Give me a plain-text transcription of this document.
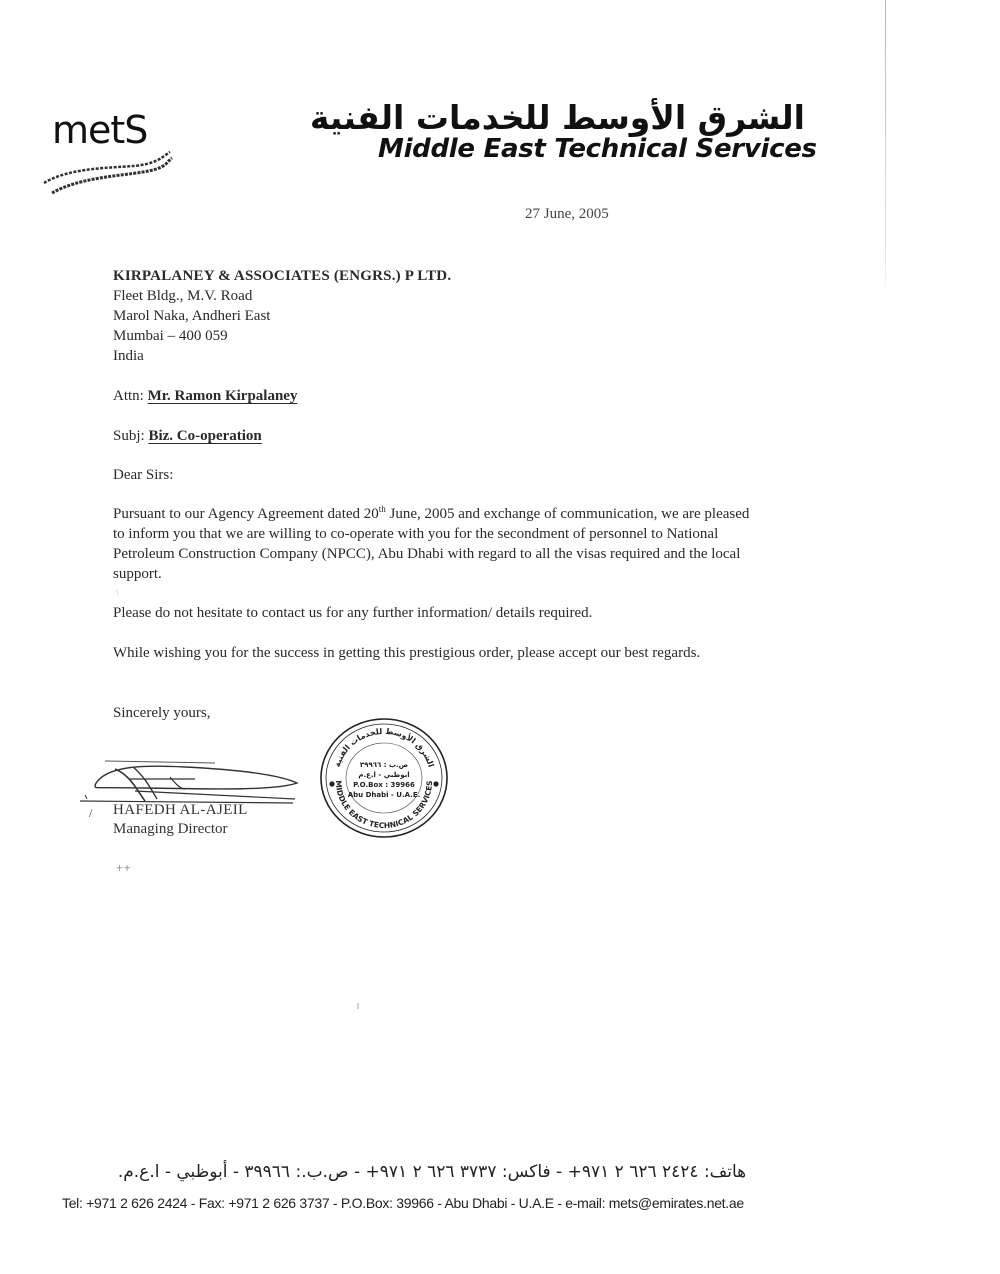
metS	الشرق الأوسط للخدمات الفنية
Middle East Technical Services
27 June, 2005
KIRPALANEY & ASSOCIATES (ENGRS.) P LTD.
Fleet Bldg., M.V. Road
Marol Naka, Andheri East
Mumbai – 400 059
India
Attn: Mr. Ramon Kirpalaney
Subj: Biz. Co-operation
Dear Sirs:
Pursuant to our Agency Agreement dated 20th June, 2005 and exchange of communication, we are pleased to inform you that we are willing to co-operate with you for the secondment of personnel to National Petroleum Construction Company (NPCC), Abu Dhabi with regard to all the visas required and the local support.
\
Please do not hesitate to contact us for any further information/ details required.
While wishing you for the success in getting this prestigious order, please accept our best regards.
Sincerely yours,
/ HAFEDH AL-AJEIL
Managing Director
الشرق الأوسط للخدمات الفنية
MIDDLE EAST TECHNICAL SERVICES
ص.ب : ٣٩٩٦٦
ابوظبي - ا.ع.م
P.O.Box : 39966
Abu Dhabi - U.A.E.
++
هاتف: ٢٤٢٤ ٦٢٦ ٢ ٩٧١+ - فاكس: ٣٧٣٧ ٦٢٦ ٢ ٩٧١+ - ص.ب.: ٣٩٩٦٦ - أبوظبي - ا.ع.م.
Tel: +971 2 626 2424 - Fax: +971 2 626 3737 - P.O.Box: 39966 - Abu Dhabi - U.A.E - e-mail: mets@emirates.net.ae
